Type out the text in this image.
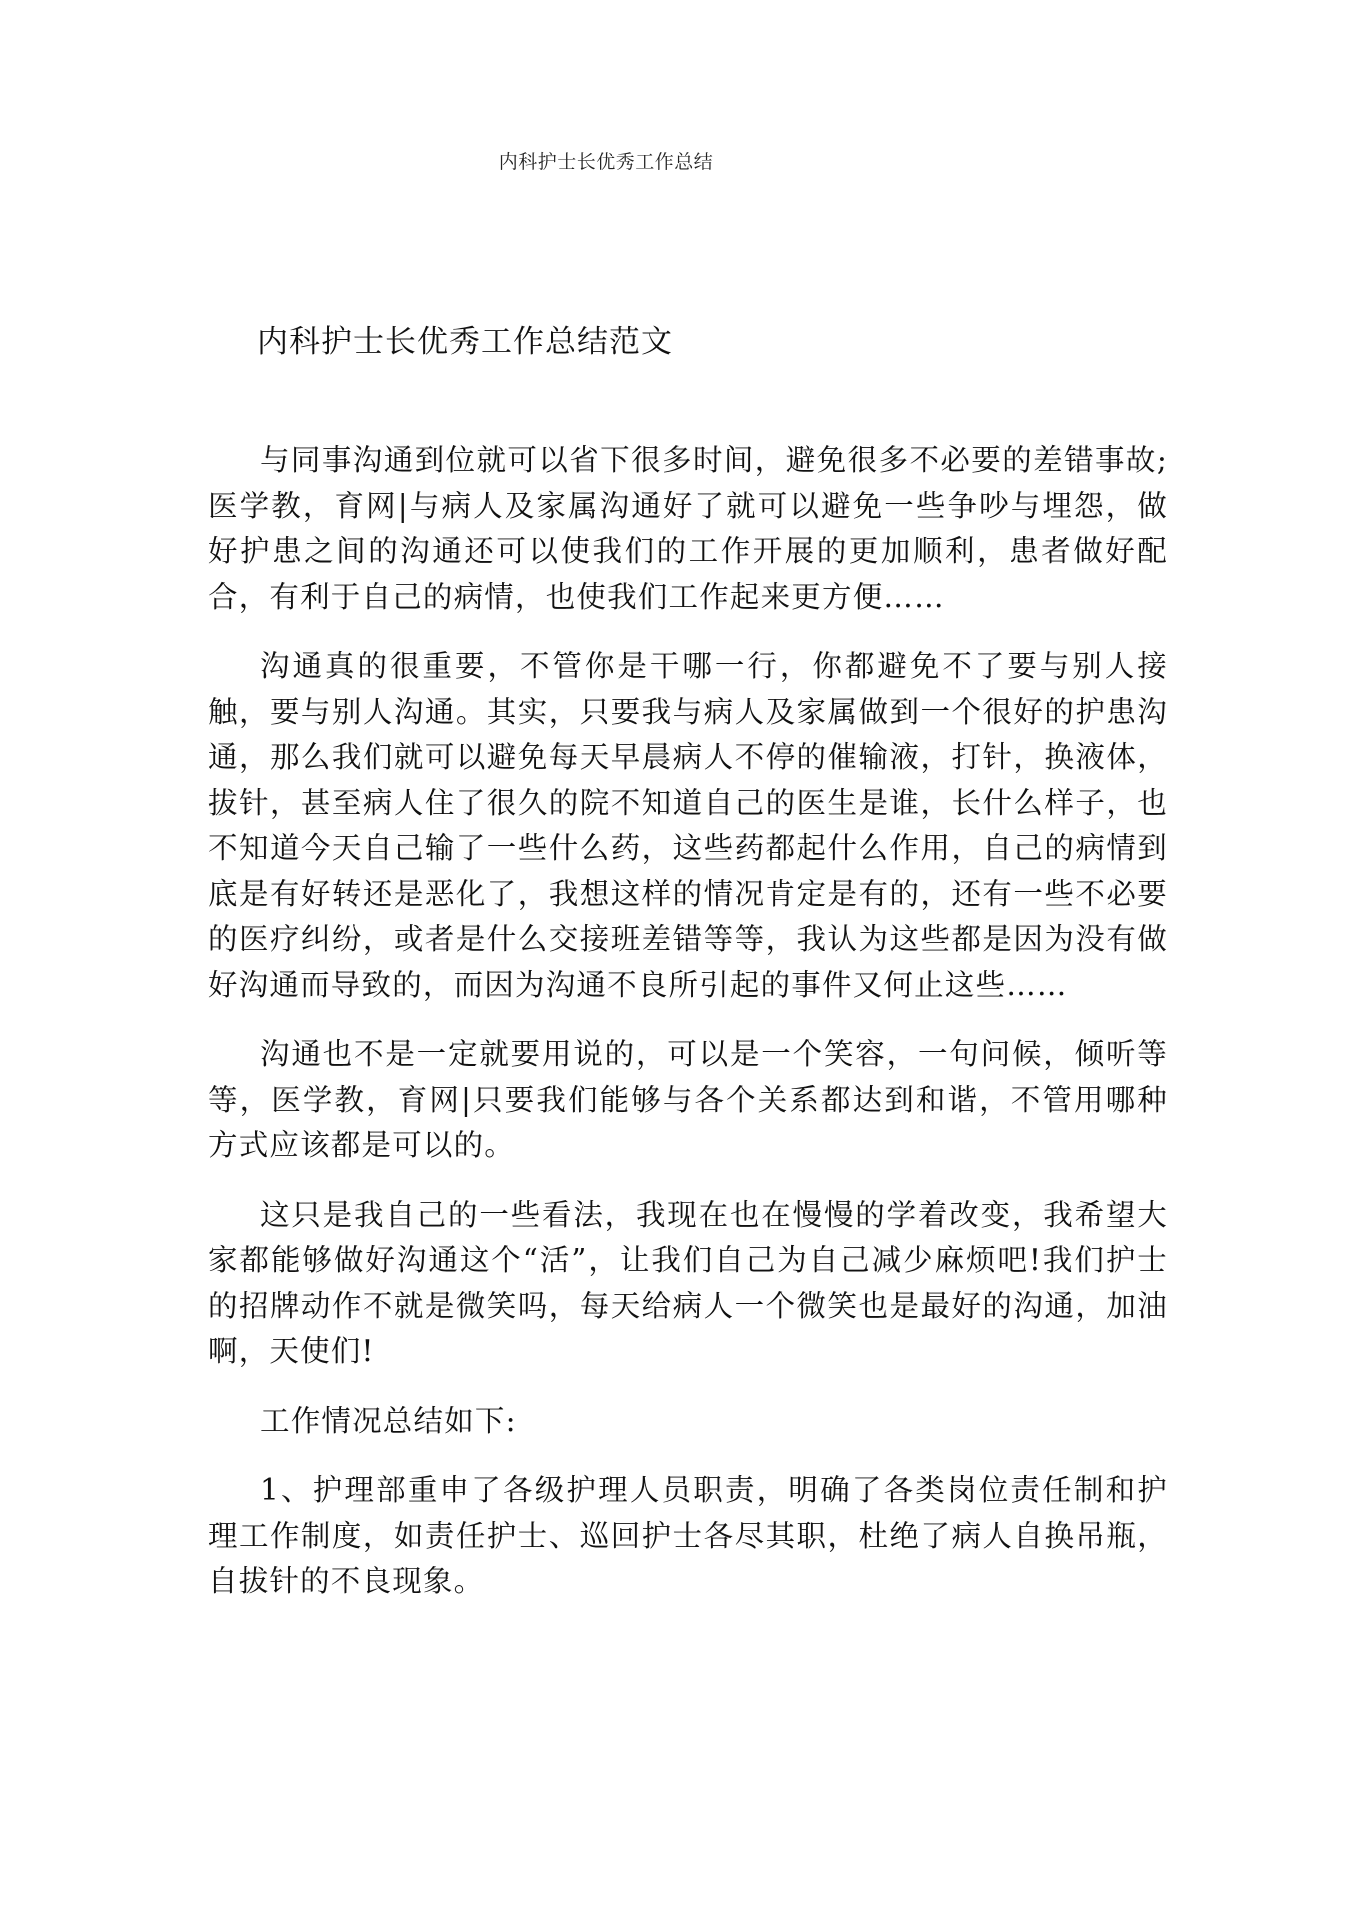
内科护士长优秀工作总结
内科护士长优秀工作总结范文

与同事沟通到位就可以省下很多时间，避免很多不必要的差错事故;医学教，育网|与病人及家属沟通好了就可以避免一些争吵与埋怨，做好护患之间的沟通还可以使我们的工作开展的更加顺利，患者做好配合，有利于自己的病情，也使我们工作起来更方便……

沟通真的很重要，不管你是干哪一行，你都避免不了要与别人接触，要与别人沟通。其实，只要我与病人及家属做到一个很好的护患沟通，那么我们就可以避免每天早晨病人不停的催输液，打针，换液体，拔针，甚至病人住了很久的院不知道自己的医生是谁，长什么样子，也不知道今天自己输了一些什么药，这些药都起什么作用，自己的病情到底是有好转还是恶化了，我想这样的情况肯定是有的，还有一些不必要的医疗纠纷，或者是什么交接班差错等等，我认为这些都是因为没有做好沟通而导致的，而因为沟通不良所引起的事件又何止这些……

沟通也不是一定就要用说的，可以是一个笑容，一句问候，倾听等等，医学教，育网|只要我们能够与各个关系都达到和谐，不管用哪种方式应该都是可以的。

这只是我自己的一些看法，我现在也在慢慢的学着改变，我希望大家都能够做好沟通这个“活”，让我们自己为自己减少麻烦吧!我们护士的招牌动作不就是微笑吗，每天给病人一个微笑也是最好的沟通，加油啊，天使们!

工作情况总结如下:

1、护理部重申了各级护理人员职责，明确了各类岗位责任制和护理工作制度，如责任护士、巡回护士各尽其职，杜绝了病人自换吊瓶，自拔针的不良现象。
